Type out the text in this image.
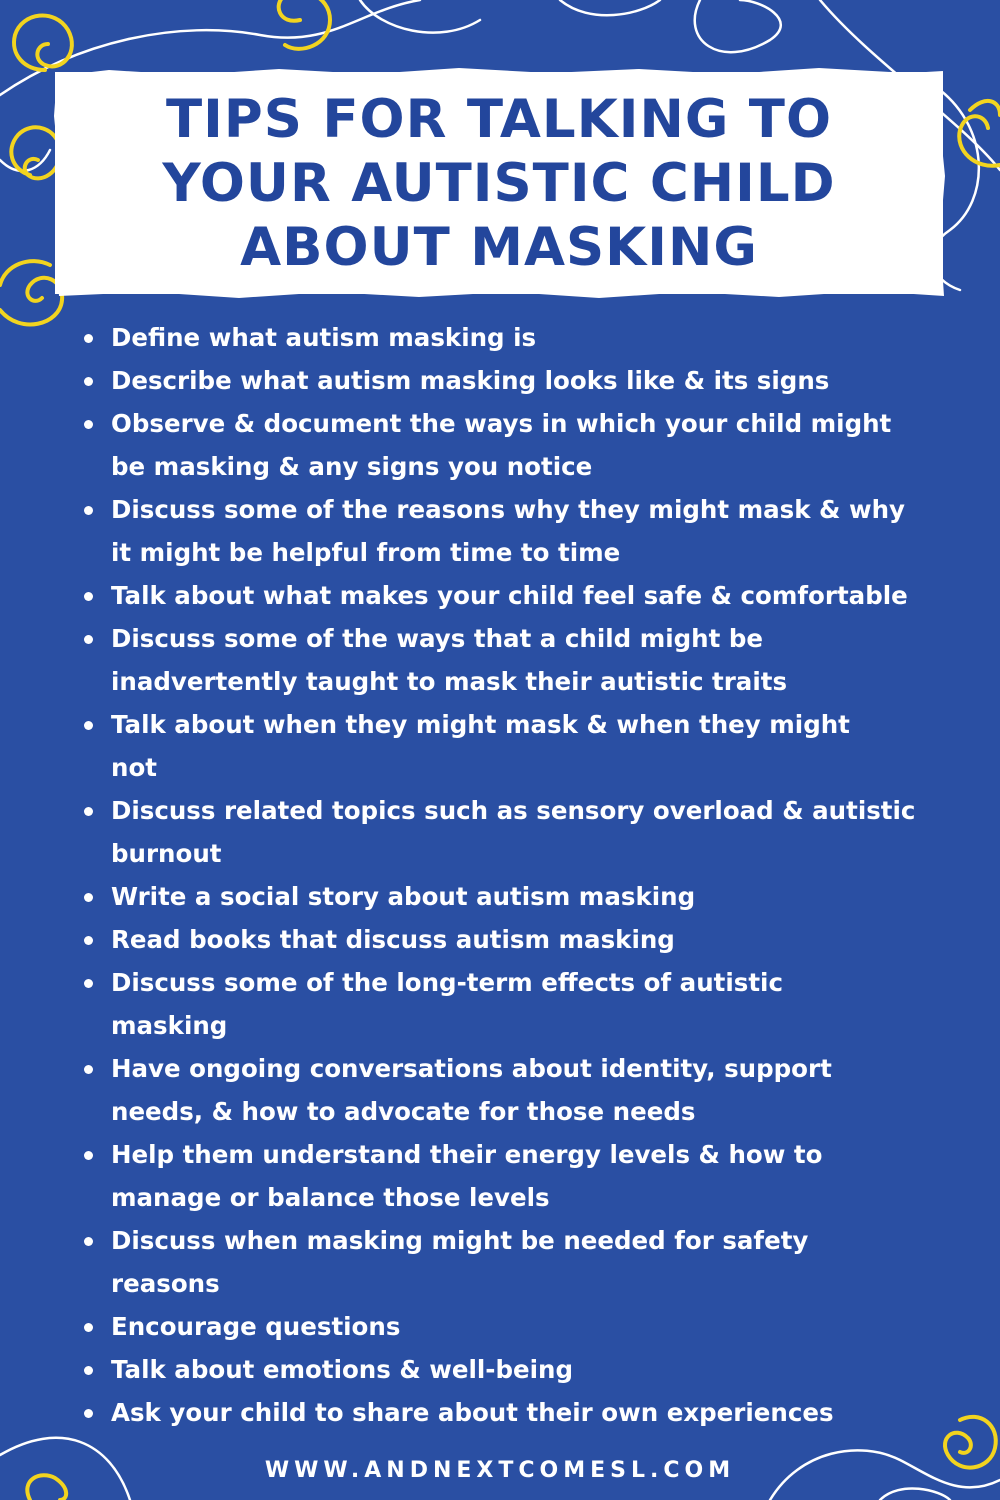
TIPS FOR TALKING TO
YOUR AUTISTIC CHILD
ABOUT MASKING
Define what autism masking is
Describe what autism masking looks like & its signs
Observe & document the ways in which your child might
be masking & any signs you notice
Discuss some of the reasons why they might mask & why
it might be helpful from time to time
Talk about what makes your child feel safe & comfortable
Discuss some of the ways that a child might be
inadvertently taught to mask their autistic traits
Talk about when they might mask & when they might
not
Discuss related topics such as sensory overload & autistic
burnout
Write a social story about autism masking
Read books that discuss autism masking
Discuss some of the long-term effects of autistic
masking
Have ongoing conversations about identity, support
needs, & how to advocate for those needs
Help them understand their energy levels & how to
manage or balance those levels
Discuss when masking might be needed for safety
reasons
Encourage questions
Talk about emotions & well-being
Ask your child to share about their own experiences
WWW.ANDNEXTCOMESL.COM
